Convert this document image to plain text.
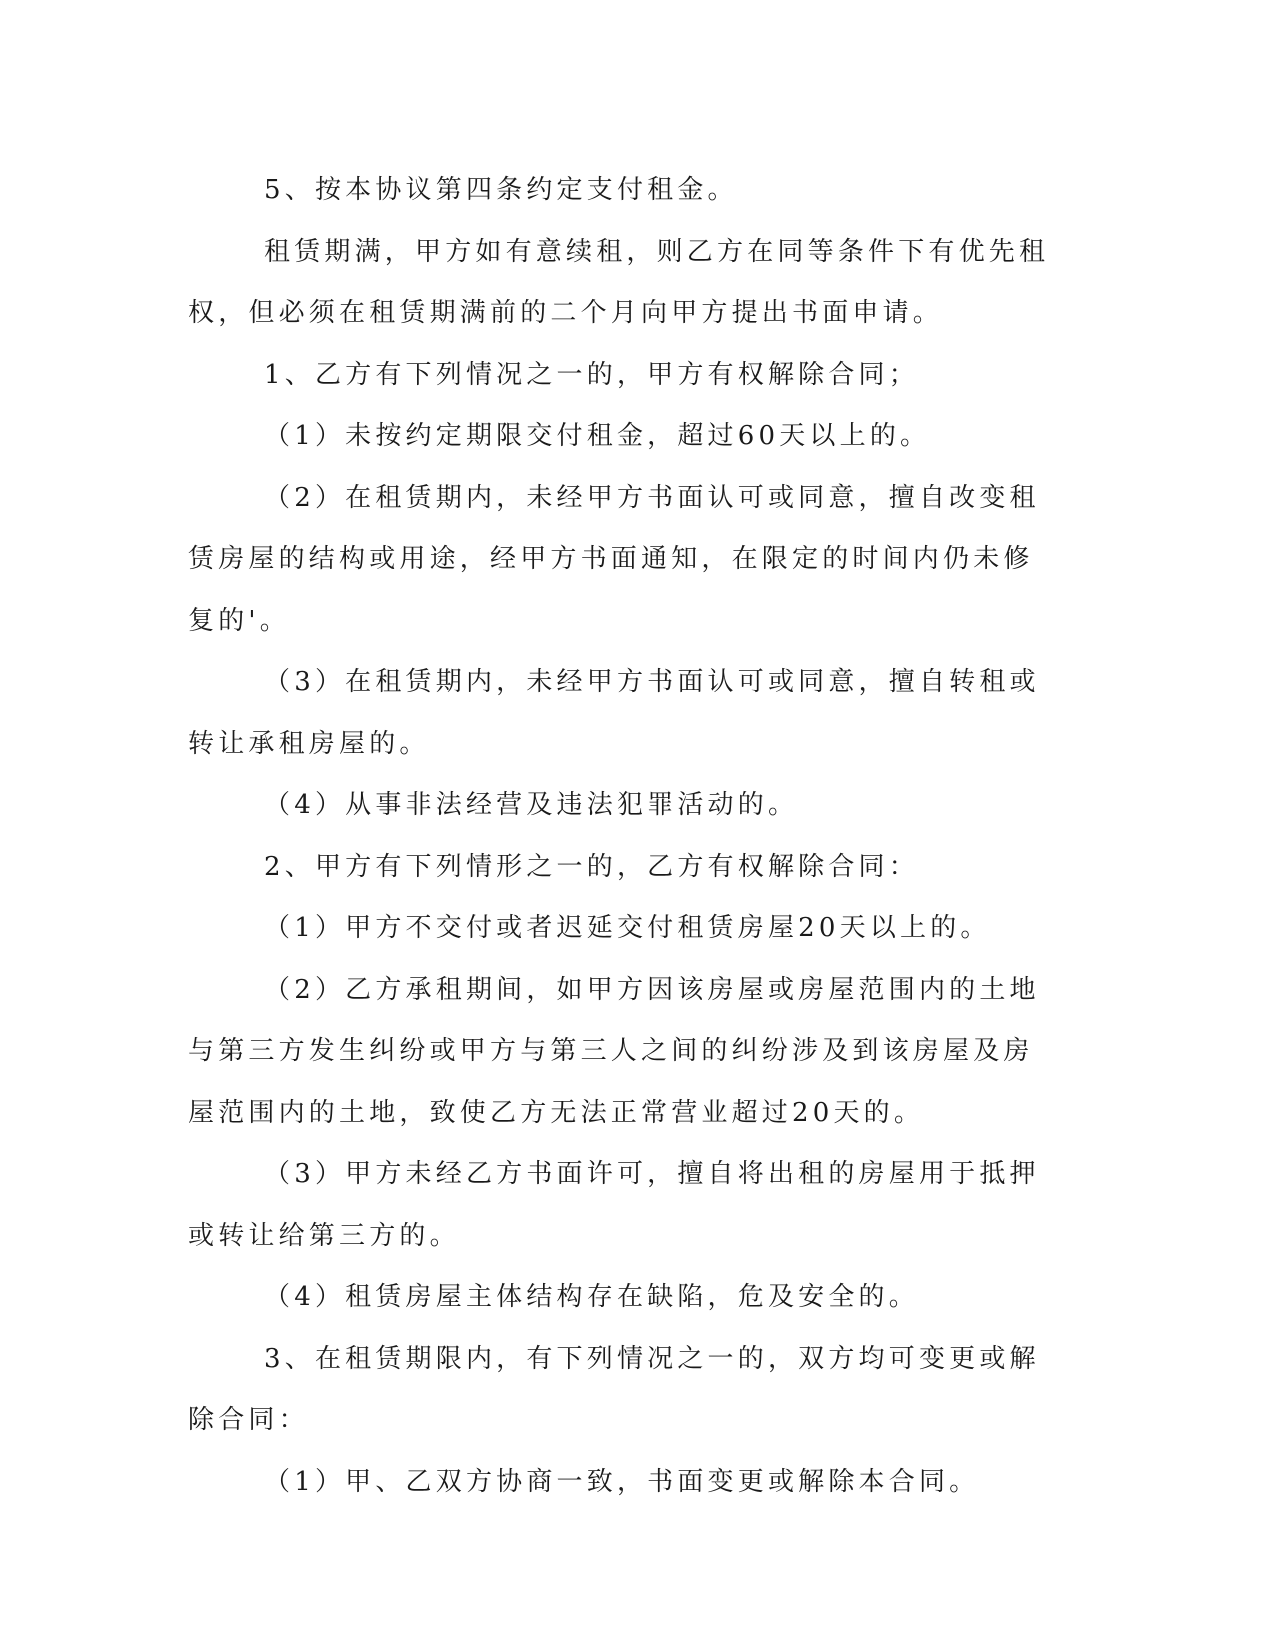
5、按本协议第四条约定支付租金。

租赁期满，甲方如有意续租，则乙方在同等条件下有优先租权，但必须在租赁期满前的二个月向甲方提出书面申请。

1、乙方有下列情况之一的，甲方有权解除合同；

（1）未按约定期限交付租金，超过60天以上的。

（2）在租赁期内，未经甲方书面认可或同意，擅自改变租赁房屋的结构或用途，经甲方书面通知，在限定的时间内仍未修复的'。

（3）在租赁期内，未经甲方书面认可或同意，擅自转租或转让承租房屋的。

（4）从事非法经营及违法犯罪活动的。

2、甲方有下列情形之一的，乙方有权解除合同：

（1）甲方不交付或者迟延交付租赁房屋20天以上的。

（2）乙方承租期间，如甲方因该房屋或房屋范围内的土地与第三方发生纠纷或甲方与第三人之间的纠纷涉及到该房屋及房屋范围内的土地，致使乙方无法正常营业超过20天的。

（3）甲方未经乙方书面许可，擅自将出租的房屋用于抵押或转让给第三方的。

（4）租赁房屋主体结构存在缺陷，危及安全的。

3、在租赁期限内，有下列情况之一的，双方均可变更或解除合同：

（1）甲、乙双方协商一致，书面变更或解除本合同。
